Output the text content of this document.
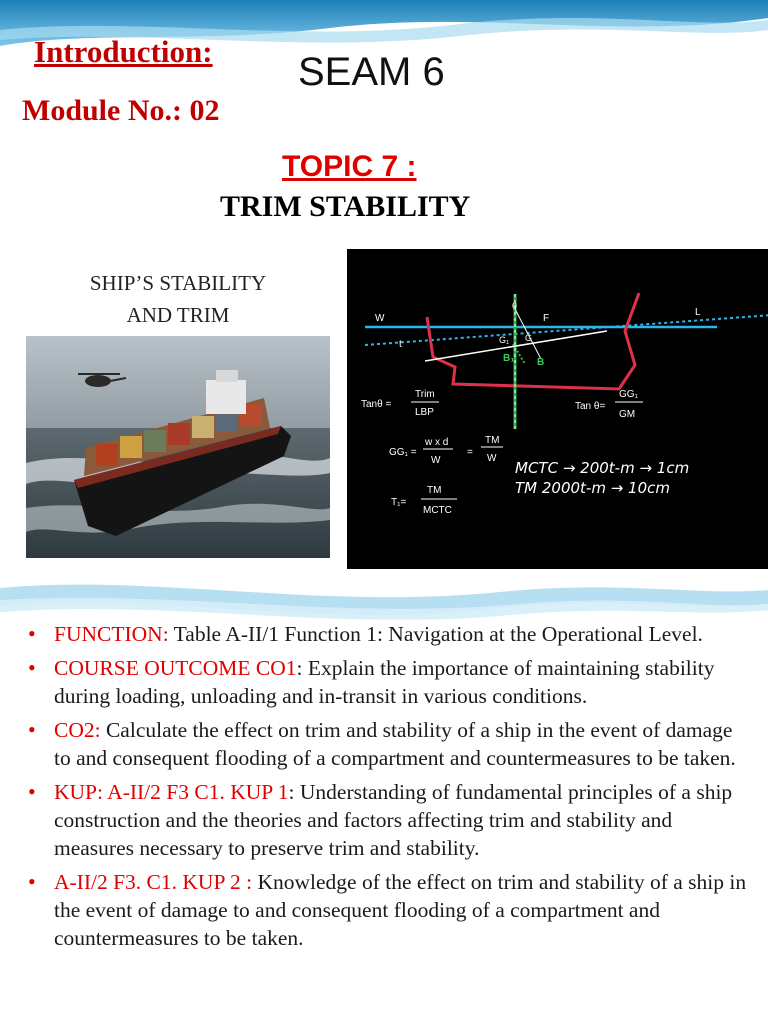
Introduction: SEAM 6
Module No.: 02
TOPIC 7 :
TRIM STABILITY
SHIP’S STABILITY
AND TRIM	W
L
F
t
G
G₁
B₁ B
θ
Tanθ =
Trim
LBP
Tan θ=
GG₁
GM
GG₁ =
w x d
W
=
TM
W
T₁=
TM
MCTC
MCTC → 200t-m → 1cm
TM 2000t-m → 10cm
• FUNCTION: Table A-II/1 Function 1: Navigation at the Operational Level.
• COURSE OUTCOME CO1: Explain the importance of maintaining stability during loading, unloading and in-transit in various conditions.
• CO2: Calculate the effect on trim and stability of a ship in the event of damage to and consequent flooding of a compartment and countermeasures to be taken.
• KUP: A-II/2 F3 C1. KUP 1: Understanding of fundamental principles of a ship construction and the theories and factors affecting trim and stability and measures necessary to preserve trim and stability.
• A-II/2 F3. C1. KUP 2 : Knowledge of the effect on trim and stability of a ship in the event of damage to and consequent flooding of a compartment and countermeasures to be taken.
